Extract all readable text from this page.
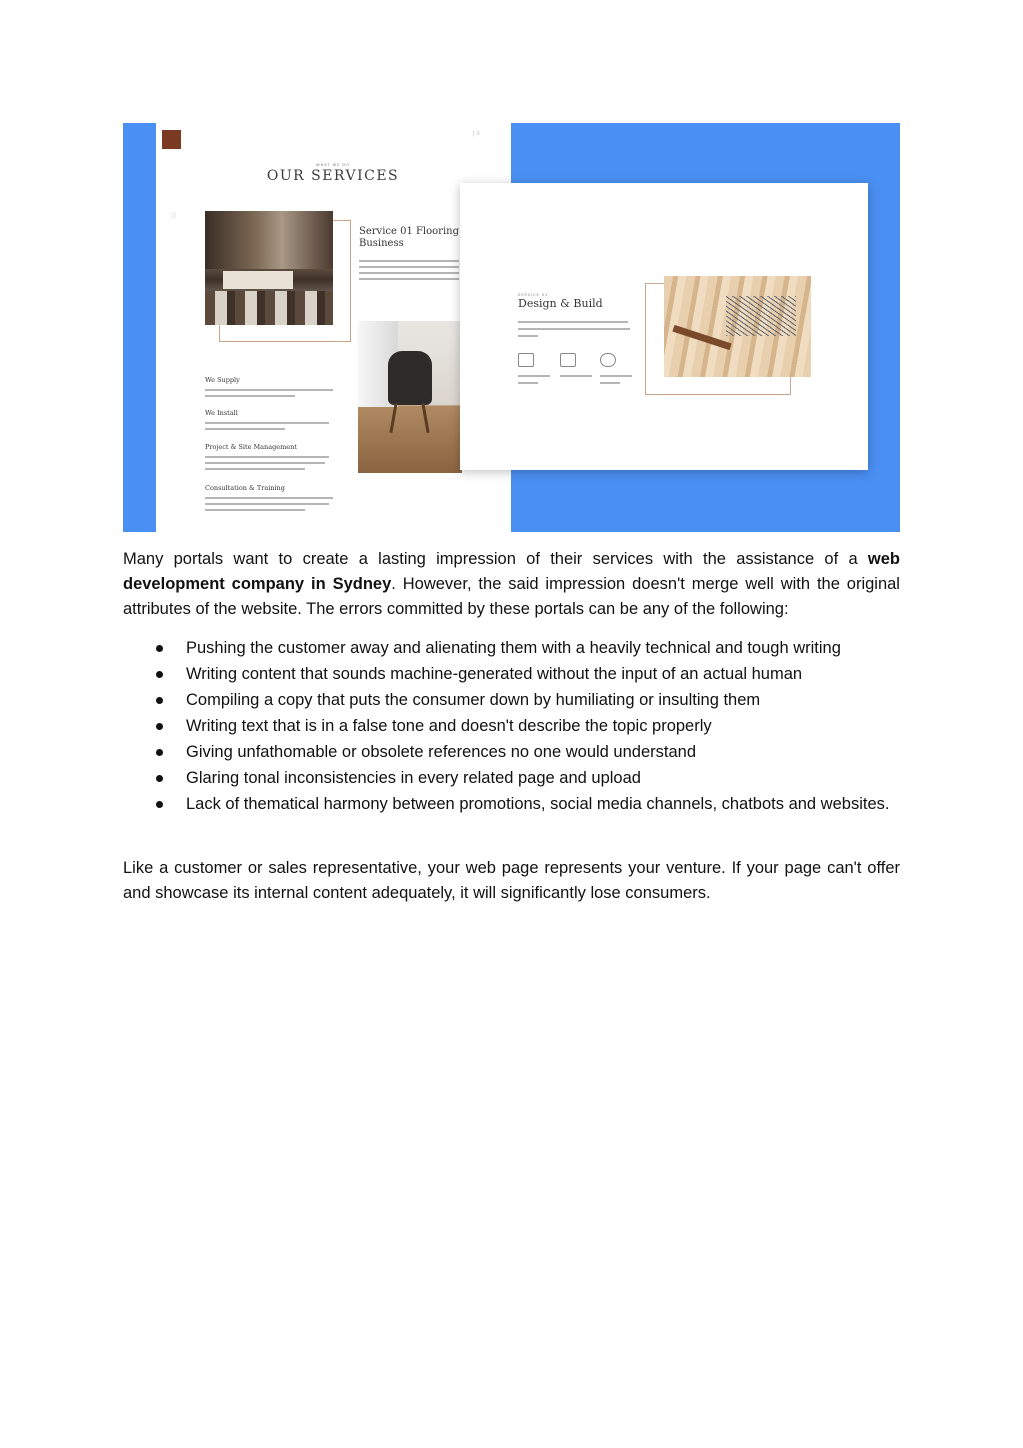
| ≡
⁞⁞
WHAT WE DO
OUR SERVICES
Service 01 Flooring Business
We Supply
We Install
Project & Site Management
Consultation & Training
SERVICE 02
Design & Build
Many portals want to create a lasting impression of their services with the assistance of a web development company in Sydney. However, the said impression doesn't merge well with the original attributes of the website. The errors committed by these portals can be any of the following:
Pushing the customer away and alienating them with a heavily technical and tough writing
Writing content that sounds machine-generated without the input of an actual human
Compiling a copy that puts the consumer down by humiliating or insulting them
Writing text that is in a false tone and doesn't describe the topic properly
Giving unfathomable or obsolete references no one would understand
Glaring tonal inconsistencies in every related page and upload
Lack of thematical harmony between promotions, social media channels, chatbots and websites.
Like a customer or sales representative, your web page represents your venture. If your page can't offer and showcase its internal content adequately, it will significantly lose consumers.
